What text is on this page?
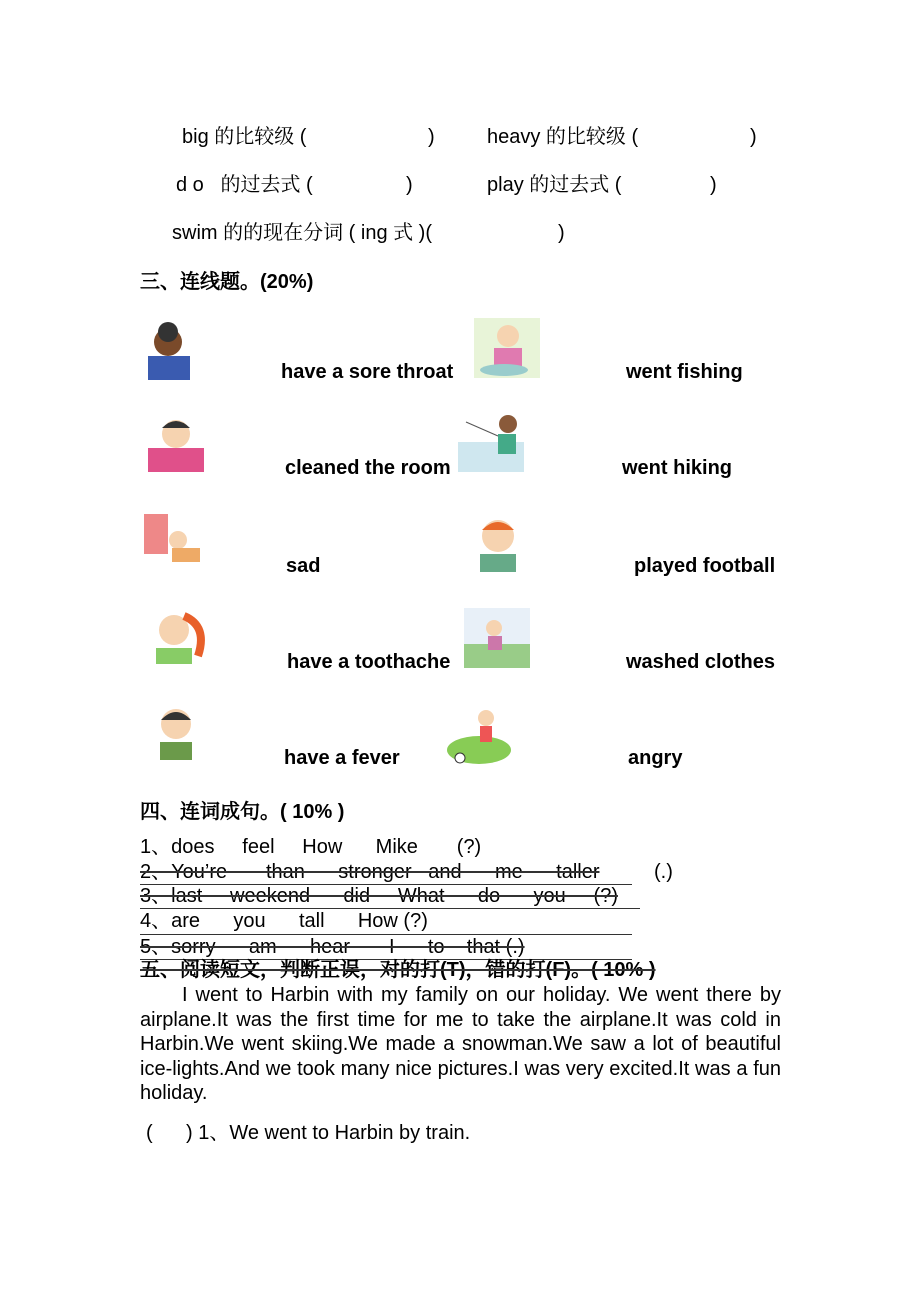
big 的比较级 (	)	heavy 的比较级 (	)
d o   的过去式 (	)	play 的过去式 (	)
swim 的的现在分词 ( ing 式 )(	)
三、连线题。(20%)
have a sore throat
cleaned the room
sad
have a toothache
have a fever
went fishing
went hiking
played football
washed clothes
angry
四、连词成句。( 10% )
1、does     feel     How      Mike       (?)
2、You’re       than      stronger   and      me      taller	(.)
3、last     weekend      did     What      do      you     (?)
4、are      you      tall      How (?)
5、sorry      am      hear       I      to    that (.)
五、阅读短文，判断正误，对的打(T)，错的打(F)。( 10% )
I went to Harbin with my family on our holiday. We went there by airplane.It was the first time for me to take the airplane.It was cold in Harbin.We went skiing.We made a snowman.We saw a lot of beautiful ice-lights.And we took many nice pictures.I was very excited.It was a fun holiday.
(      ) 1、We went to Harbin by train.
